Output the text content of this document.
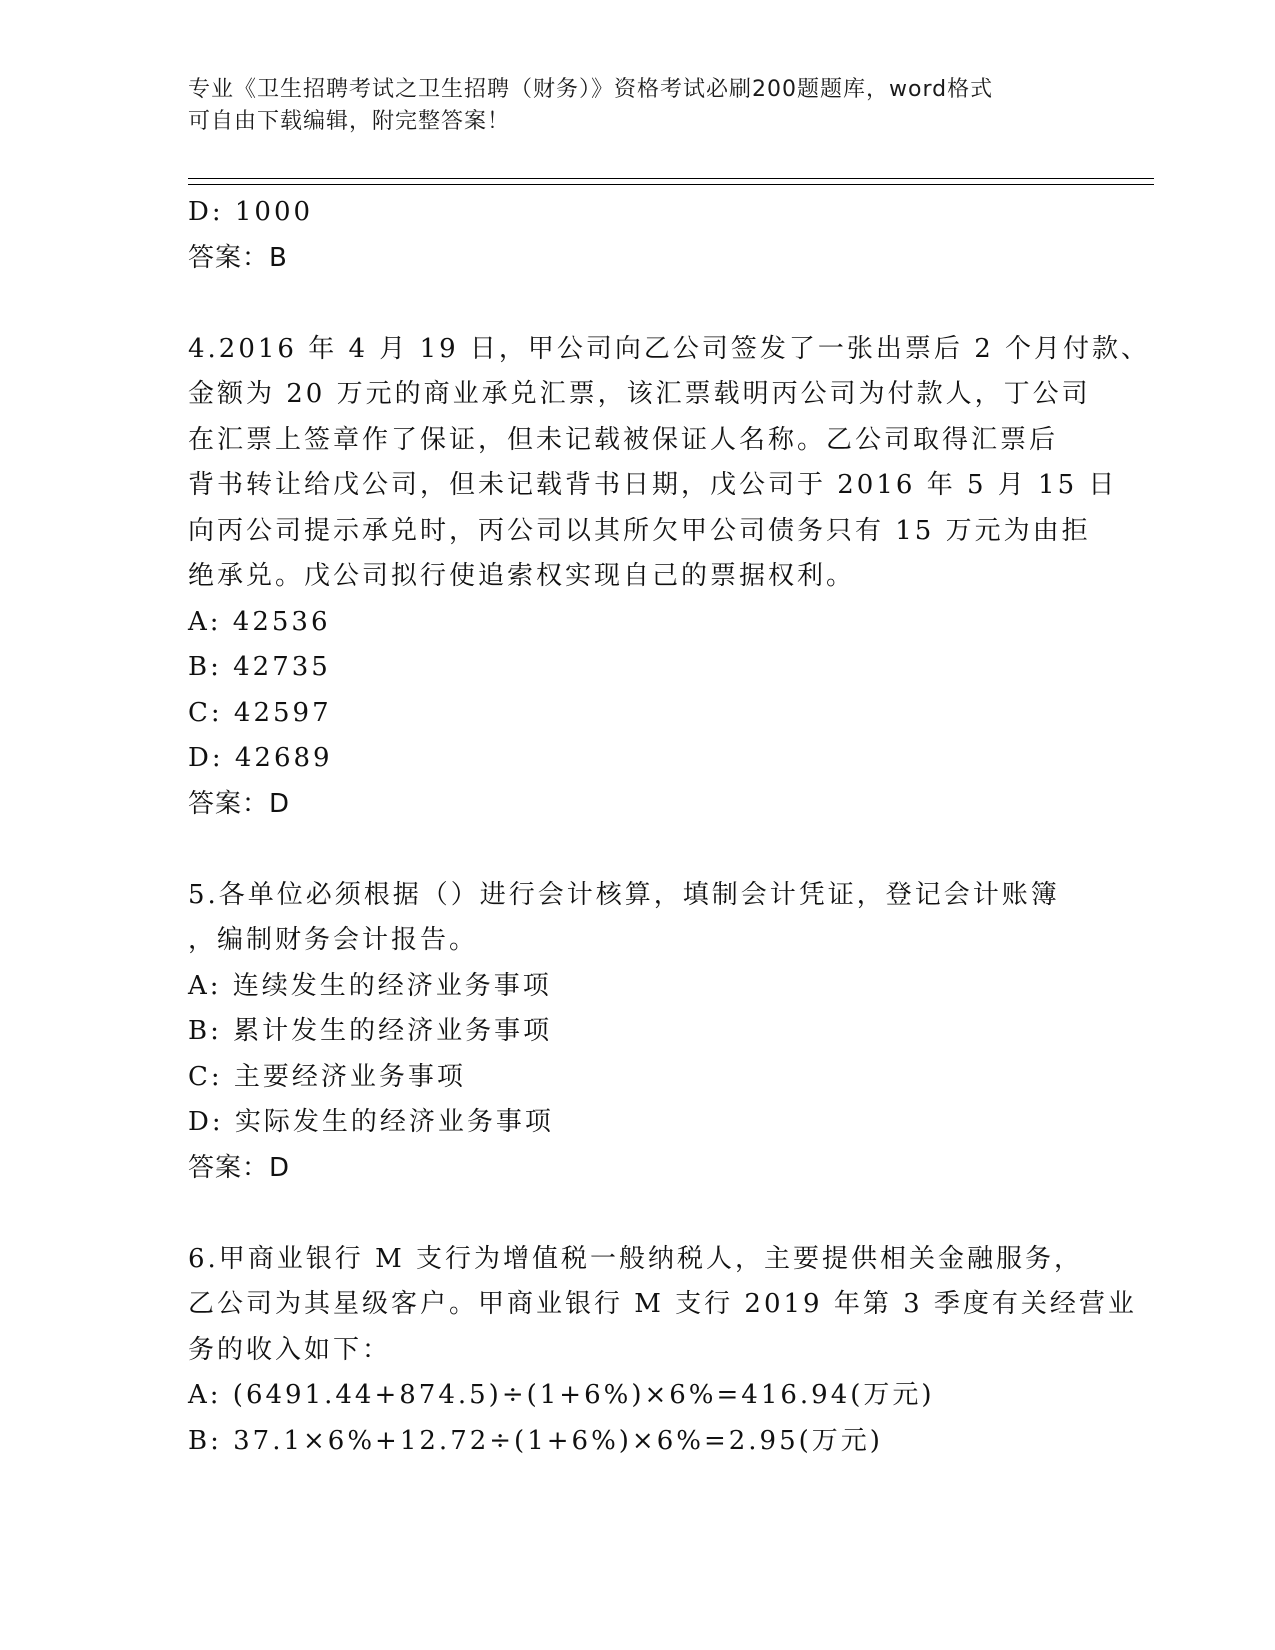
专业《卫生招聘考试之卫生招聘（财务）》资格考试必刷200题题库，word格式
可自由下载编辑，附完整答案！
D: 1000
答案：B
4.2016 年 4 月 19 日，甲公司向乙公司签发了一张出票后 2 个月付款、
金额为 20 万元的商业承兑汇票，该汇票载明丙公司为付款人，丁公司
在汇票上签章作了保证，但未记载被保证人名称。乙公司取得汇票后
背书转让给戊公司，但未记载背书日期，戊公司于 2016 年 5 月 15 日
向丙公司提示承兑时，丙公司以其所欠甲公司债务只有 15 万元为由拒
绝承兑。戊公司拟行使追索权实现自己的票据权利。
A: 42536
B: 42735
C: 42597
D: 42689
答案：D
5.各单位必须根据（）进行会计核算，填制会计凭证，登记会计账簿
，编制财务会计报告。
A: 连续发生的经济业务事项
B: 累计发生的经济业务事项
C: 主要经济业务事项
D: 实际发生的经济业务事项
答案：D
6.甲商业银行 M 支行为增值税一般纳税人，主要提供相关金融服务，
乙公司为其星级客户。甲商业银行 M 支行 2019 年第 3 季度有关经营业
务的收入如下：
A: (6491.44+874.5)÷(1+6%)×6%=416.94(万元)
B: 37.1×6%+12.72÷(1+6%)×6%=2.95(万元)
